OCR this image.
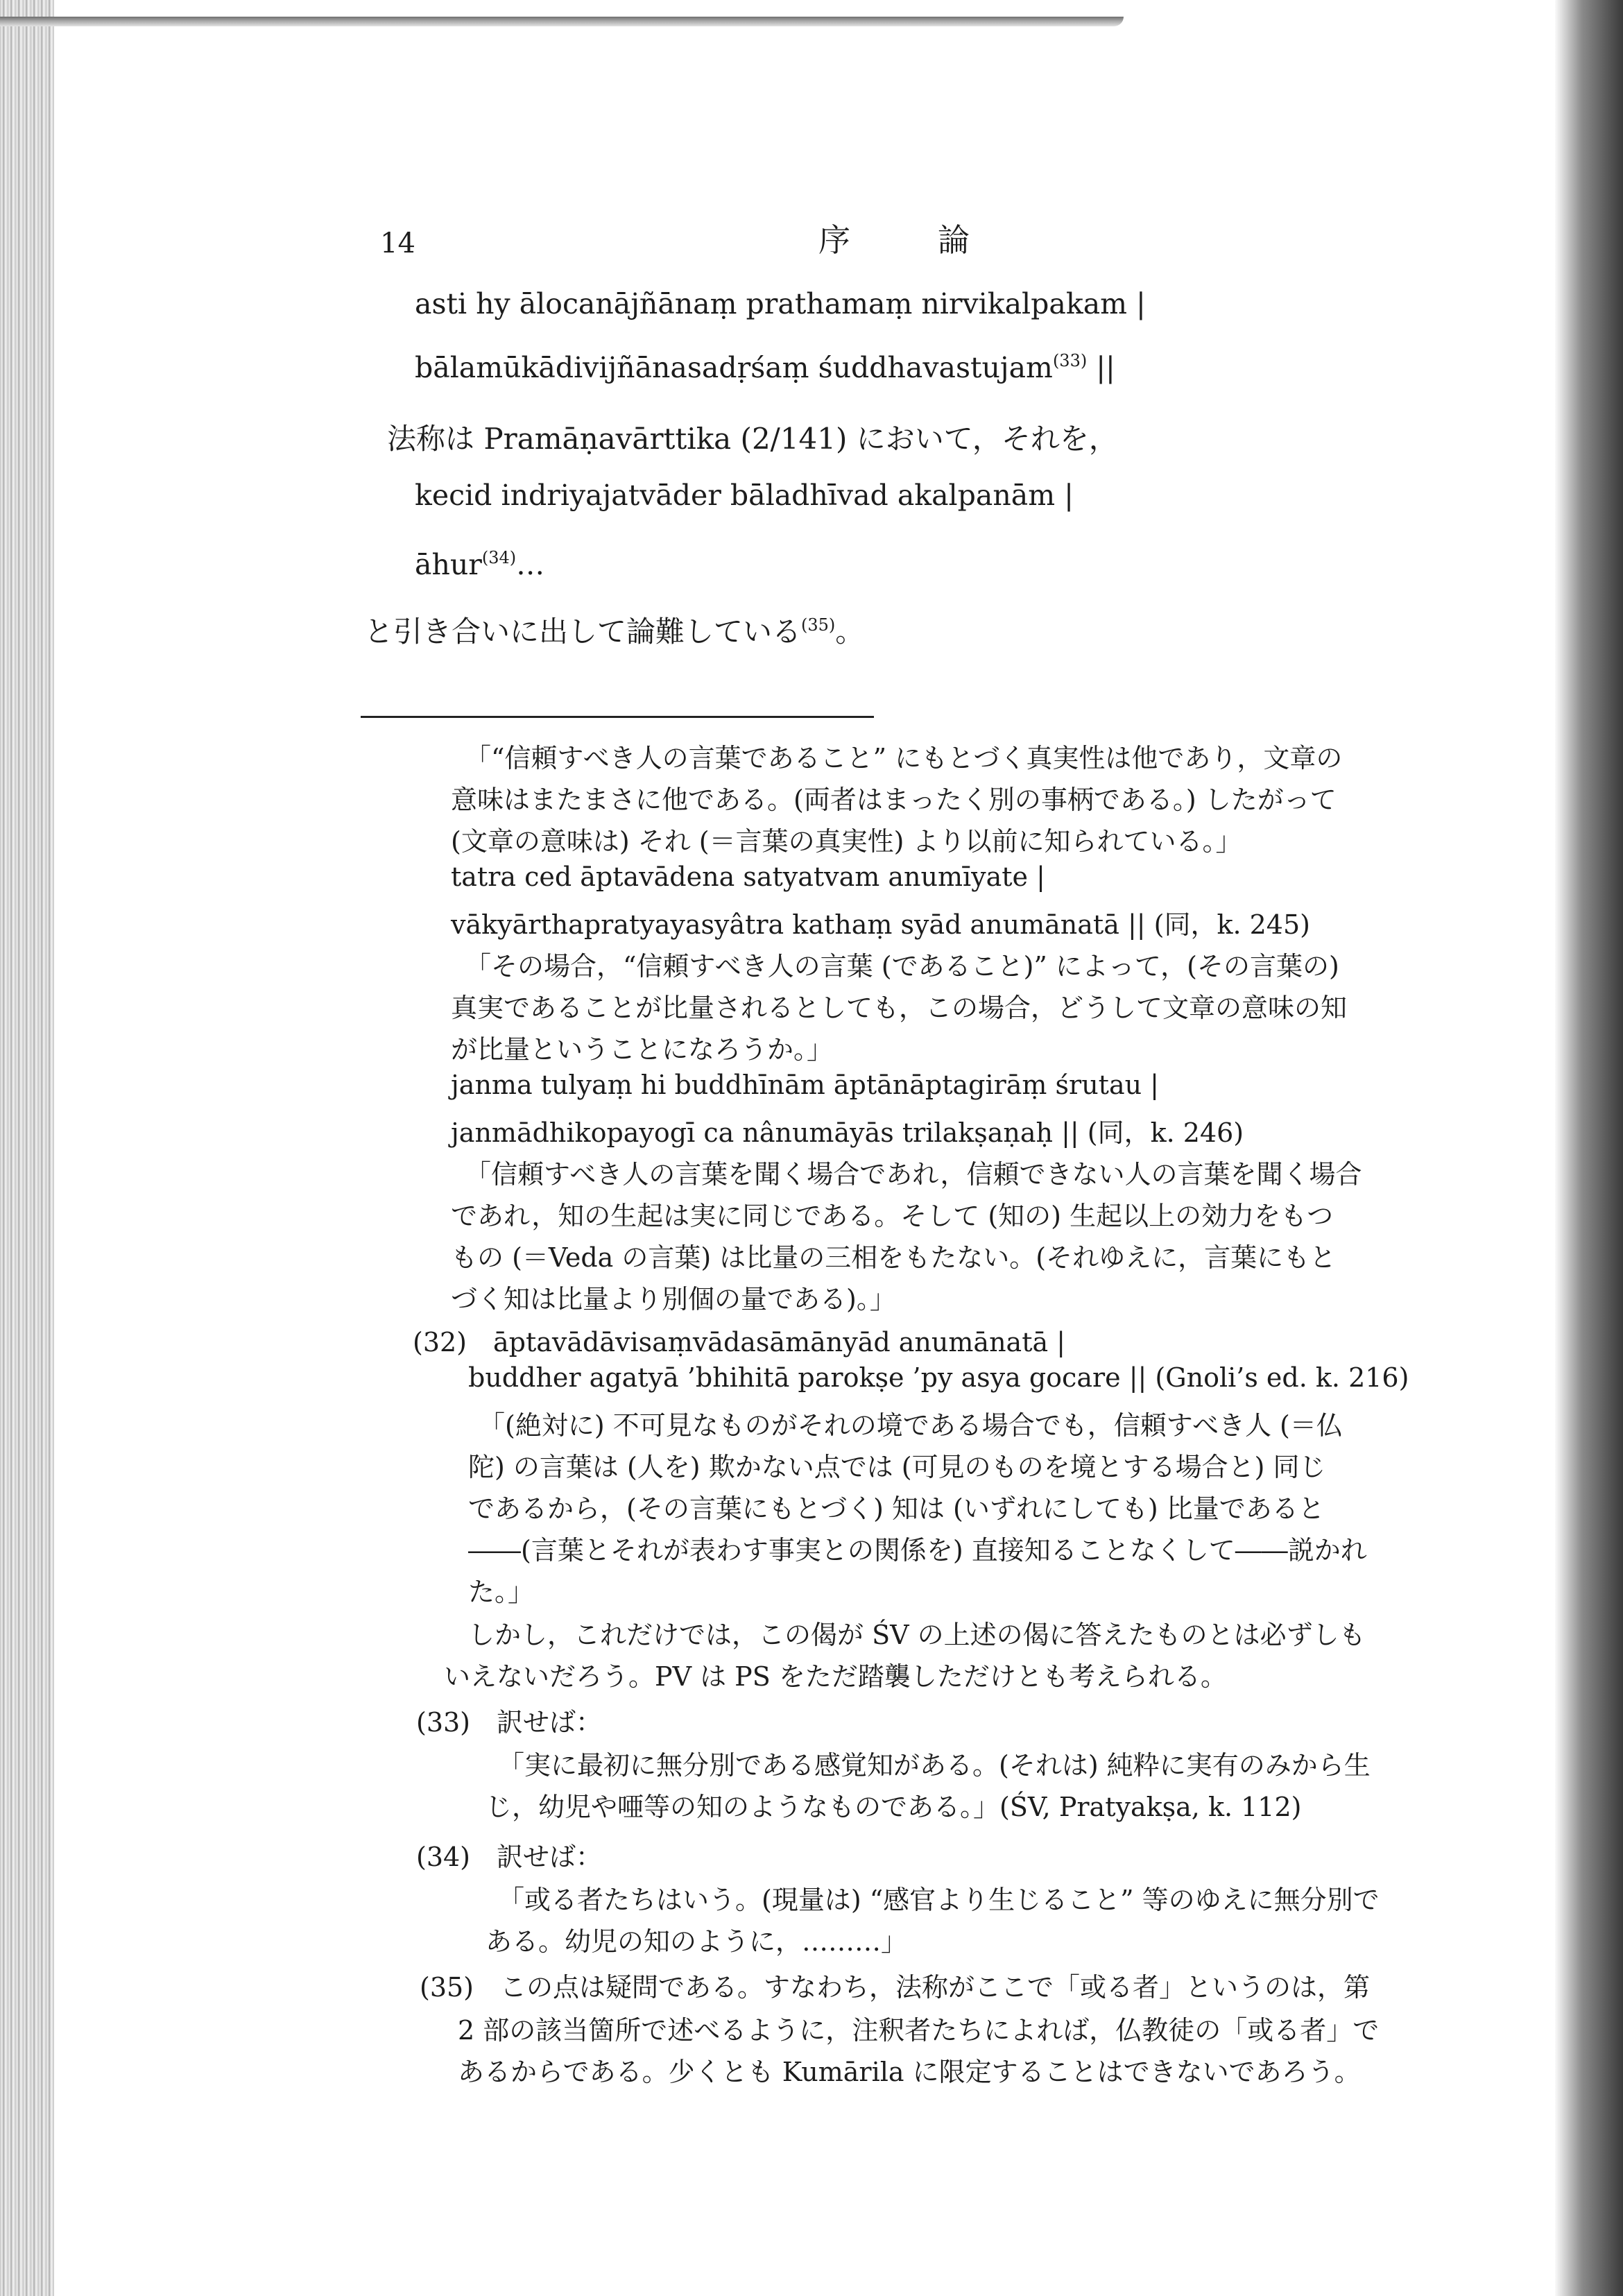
14	序　論
asti hy ālocanājñānaṃ prathamaṃ nirvikalpakam |
bālamūkādivijñānasadṛśaṃ śuddhavastujam$^{(33)}$ ||
法称は Pramāṇavārttika (2/141) において，それを，
kecid indriyajatvāder bāladhīvad akalpanām |
āhur$^{(34)}$…
と引き合いに出して論難している$^{(35)}$。
「“信頼すべき人の言葉であること” にもとづく真実性は他であり，文章の
意味はまたまさに他である。(両者はまったく別の事柄である。) したがって
(文章の意味は) それ (＝言葉の真実性) より以前に知られている。」
tatra ced āptavādena satyatvam anumīyate |
vākyārthapratyayasyâtra kathaṃ syād anumānatā || (同，k. 245)
「その場合，“信頼すべき人の言葉 (であること)” によって，(その言葉の)
真実であることが比量されるとしても，この場合，どうして文章の意味の知
が比量ということになろうか。」
janma tulyaṃ hi buddhīnām āptānāptagirāṃ śrutau |
janmādhikopayogī ca nânumāyās trilakṣaṇaḥ || (同，k. 246)
「信頼すべき人の言葉を聞く場合であれ，信頼できない人の言葉を聞く場合
であれ，知の生起は実に同じである。そして (知の) 生起以上の効力をもつ
もの (＝Veda の言葉) は比量の三相をもたない。(それゆえに，言葉にもと
づく知は比量より別個の量である)。」
(32)　āptavādāvisaṃvādasāmānyād anumānatā |
buddher agatyā ’bhihitā parokṣe ’py asya gocare || (Gnoli’s ed. k. 216)
「(絶対に) 不可見なものがそれの境である場合でも，信頼すべき人 (＝仏
陀) の言葉は (人を) 欺かない点では (可見のものを境とする場合と) 同じ
であるから，(その言葉にもとづく) 知は (いずれにしても) 比量であると
――(言葉とそれが表わす事実との関係を) 直接知ることなくして――説かれ
た。」
しかし，これだけでは，この偈が ŚV の上述の偈に答えたものとは必ずしも
いえないだろう。PV は PS をただ踏襲しただけとも考えられる。
(33)　訳せば：
「実に最初に無分別である感覚知がある。(それは) 純粋に実有のみから生
じ，幼児や唖等の知のようなものである。」(ŚV, Pratyakṣa, k. 112)
(34)　訳せば：
「或る者たちはいう。(現量は) “感官より生じること” 等のゆえに無分別で
ある。幼児の知のように，………」
(35)　この点は疑問である。すなわち，法称がここで「或る者」というのは，第
2 部の該当箇所で述べるように，注釈者たちによれば，仏教徒の「或る者」で
あるからである。少くとも Kumārila に限定することはできないであろう。
